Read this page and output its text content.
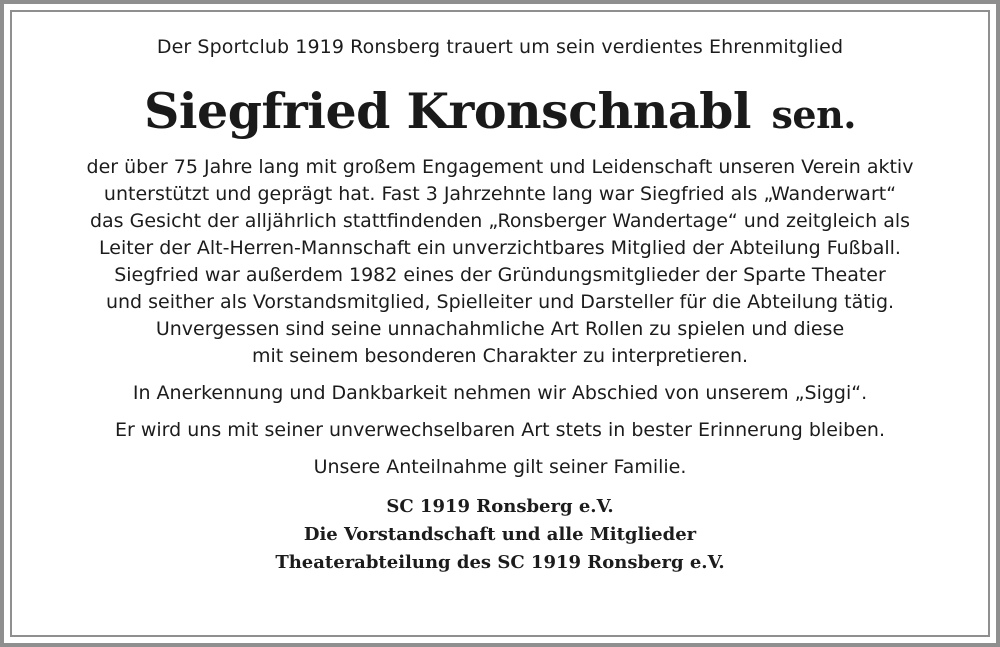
Der Sportclub 1919 Ronsberg trauert um sein verdientes Ehrenmitglied

Siegfried Kronschnabl sen.

der über 75 Jahre lang mit großem Engagement und Leidenschaft unseren Verein aktiv
unterstützt und geprägt hat. Fast 3 Jahrzehnte lang war Siegfried als „Wanderwart“
das Gesicht der alljährlich stattfindenden „Ronsberger Wandertage“ und zeitgleich als
Leiter der Alt-Herren-Mannschaft ein unverzichtbares Mitglied der Abteilung Fußball.
Siegfried war außerdem 1982 eines der Gründungsmitglieder der Sparte Theater
und seither als Vorstandsmitglied, Spielleiter und Darsteller für die Abteilung tätig.
Unvergessen sind seine unnachahmliche Art Rollen zu spielen und diese
mit seinem besonderen Charakter zu interpretieren.

In Anerkennung und Dankbarkeit nehmen wir Abschied von unserem „Siggi“.

Er wird uns mit seiner unverwechselbaren Art stets in bester Erinnerung bleiben.

Unsere Anteilnahme gilt seiner Familie.

SC 1919 Ronsberg e.V.
Die Vorstandschaft und alle Mitglieder
Theaterabteilung des SC 1919 Ronsberg e.V.
